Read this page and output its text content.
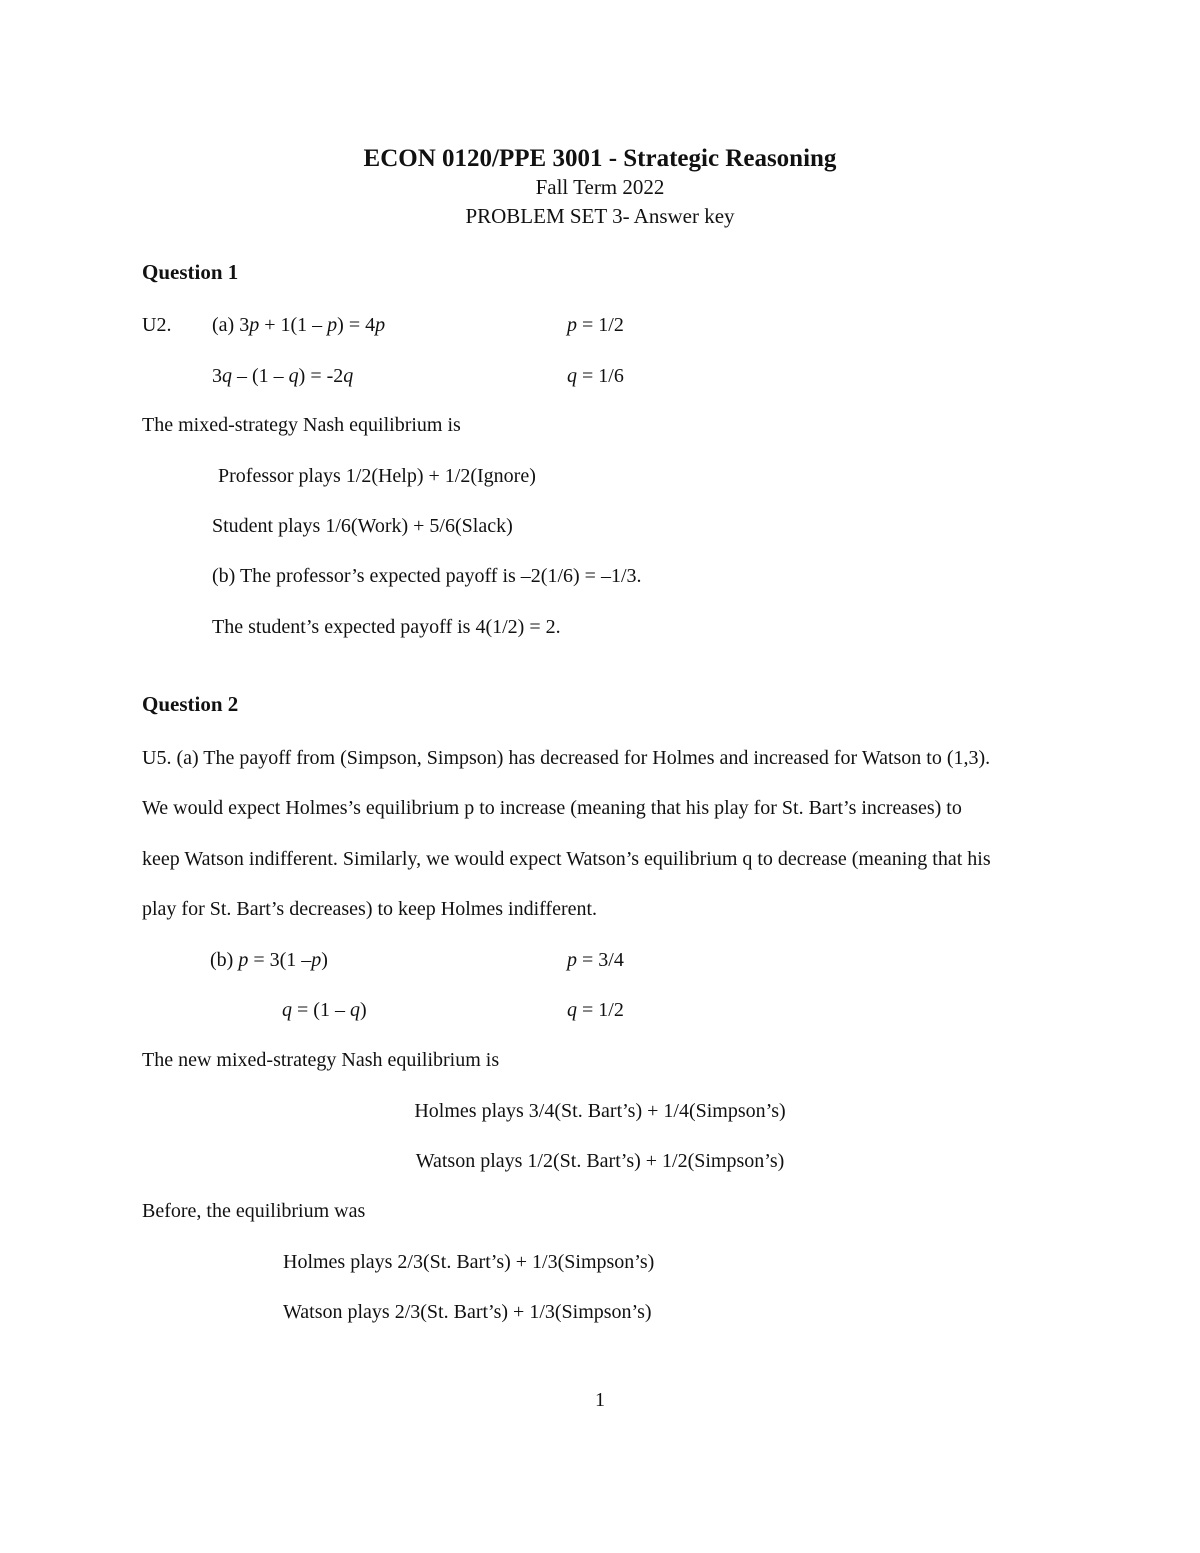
ECON 0120/PPE 3001 - Strategic Reasoning
Fall Term 2022
PROBLEM SET 3- Answer key
Question 1
U2. (a) 3p + 1(1 – p) = 4p	p = 1/2
3q – (1 – q) = -2q	q = 1/6
The mixed-strategy Nash equilibrium is
Professor plays 1/2(Help) + 1/2(Ignore)
Student plays 1/6(Work) + 5/6(Slack)
(b) The professor’s expected payoff is –2(1/6) = –1/3.
The student’s expected payoff is 4(1/2) = 2.
Question 2
U5. (a) The payoff from (Simpson, Simpson) has decreased for Holmes and increased for Watson to (1,3).
We would expect Holmes’s equilibrium p to increase (meaning that his play for St. Bart’s increases) to
keep Watson indifferent. Similarly, we would expect Watson’s equilibrium q to decrease (meaning that his
play for St. Bart’s decreases) to keep Holmes indifferent.
(b) p = 3(1 –p)	p = 3/4
q = (1 – q)	q = 1/2
The new mixed-strategy Nash equilibrium is
Holmes plays 3/4(St. Bart’s) + 1/4(Simpson’s)
Watson plays 1/2(St. Bart’s) + 1/2(Simpson’s)
Before, the equilibrium was
Holmes plays 2/3(St. Bart’s) + 1/3(Simpson’s)
Watson plays 2/3(St. Bart’s) + 1/3(Simpson’s)
1
